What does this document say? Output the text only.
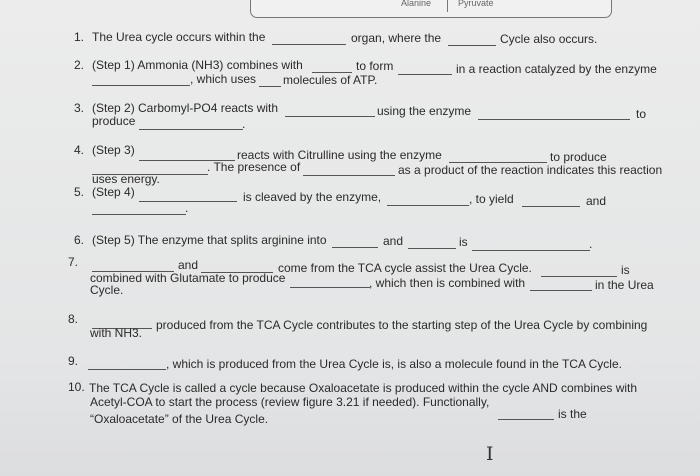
Alanine	Pyruvate
1. The Urea cycle occurs within the	organ, where the	Cycle also occurs.
2. (Step 1) Ammonia (NH3) combines with	to form	in a reaction catalyzed by the enzyme
, which uses molecules of ATP.
3. (Step 2) Carbomyl-PO4 reacts with	using the enzyme	to
produce	.
4. (Step 3)	reacts with Citrulline using the enzyme	to produce
. The presence of	as a product of the reaction indicates this reaction
uses energy.
5. (Step 4)	is cleaved by the enzyme,	, to yield	and
.
6. (Step 5) The enzyme that splits arginine into	and	is	.
7.	and	come from the TCA cycle assist the Urea Cycle.	is
combined with Glutamate to produce	, which then is combined with	in the Urea
Cycle.
8.	produced from the TCA Cycle contributes to the starting step of the Urea Cycle by combining
with NH3.
9.	, which is produced from the Urea Cycle is, is also a molecule found in the TCA Cycle.
10. The TCA Cycle is called a cycle because Oxaloacetate is produced within the cycle AND combines with
Acetyl-COA to start the process (review figure 3.21 if needed). Functionally,
is the
“Oxaloacetate” of the Urea Cycle.
I
